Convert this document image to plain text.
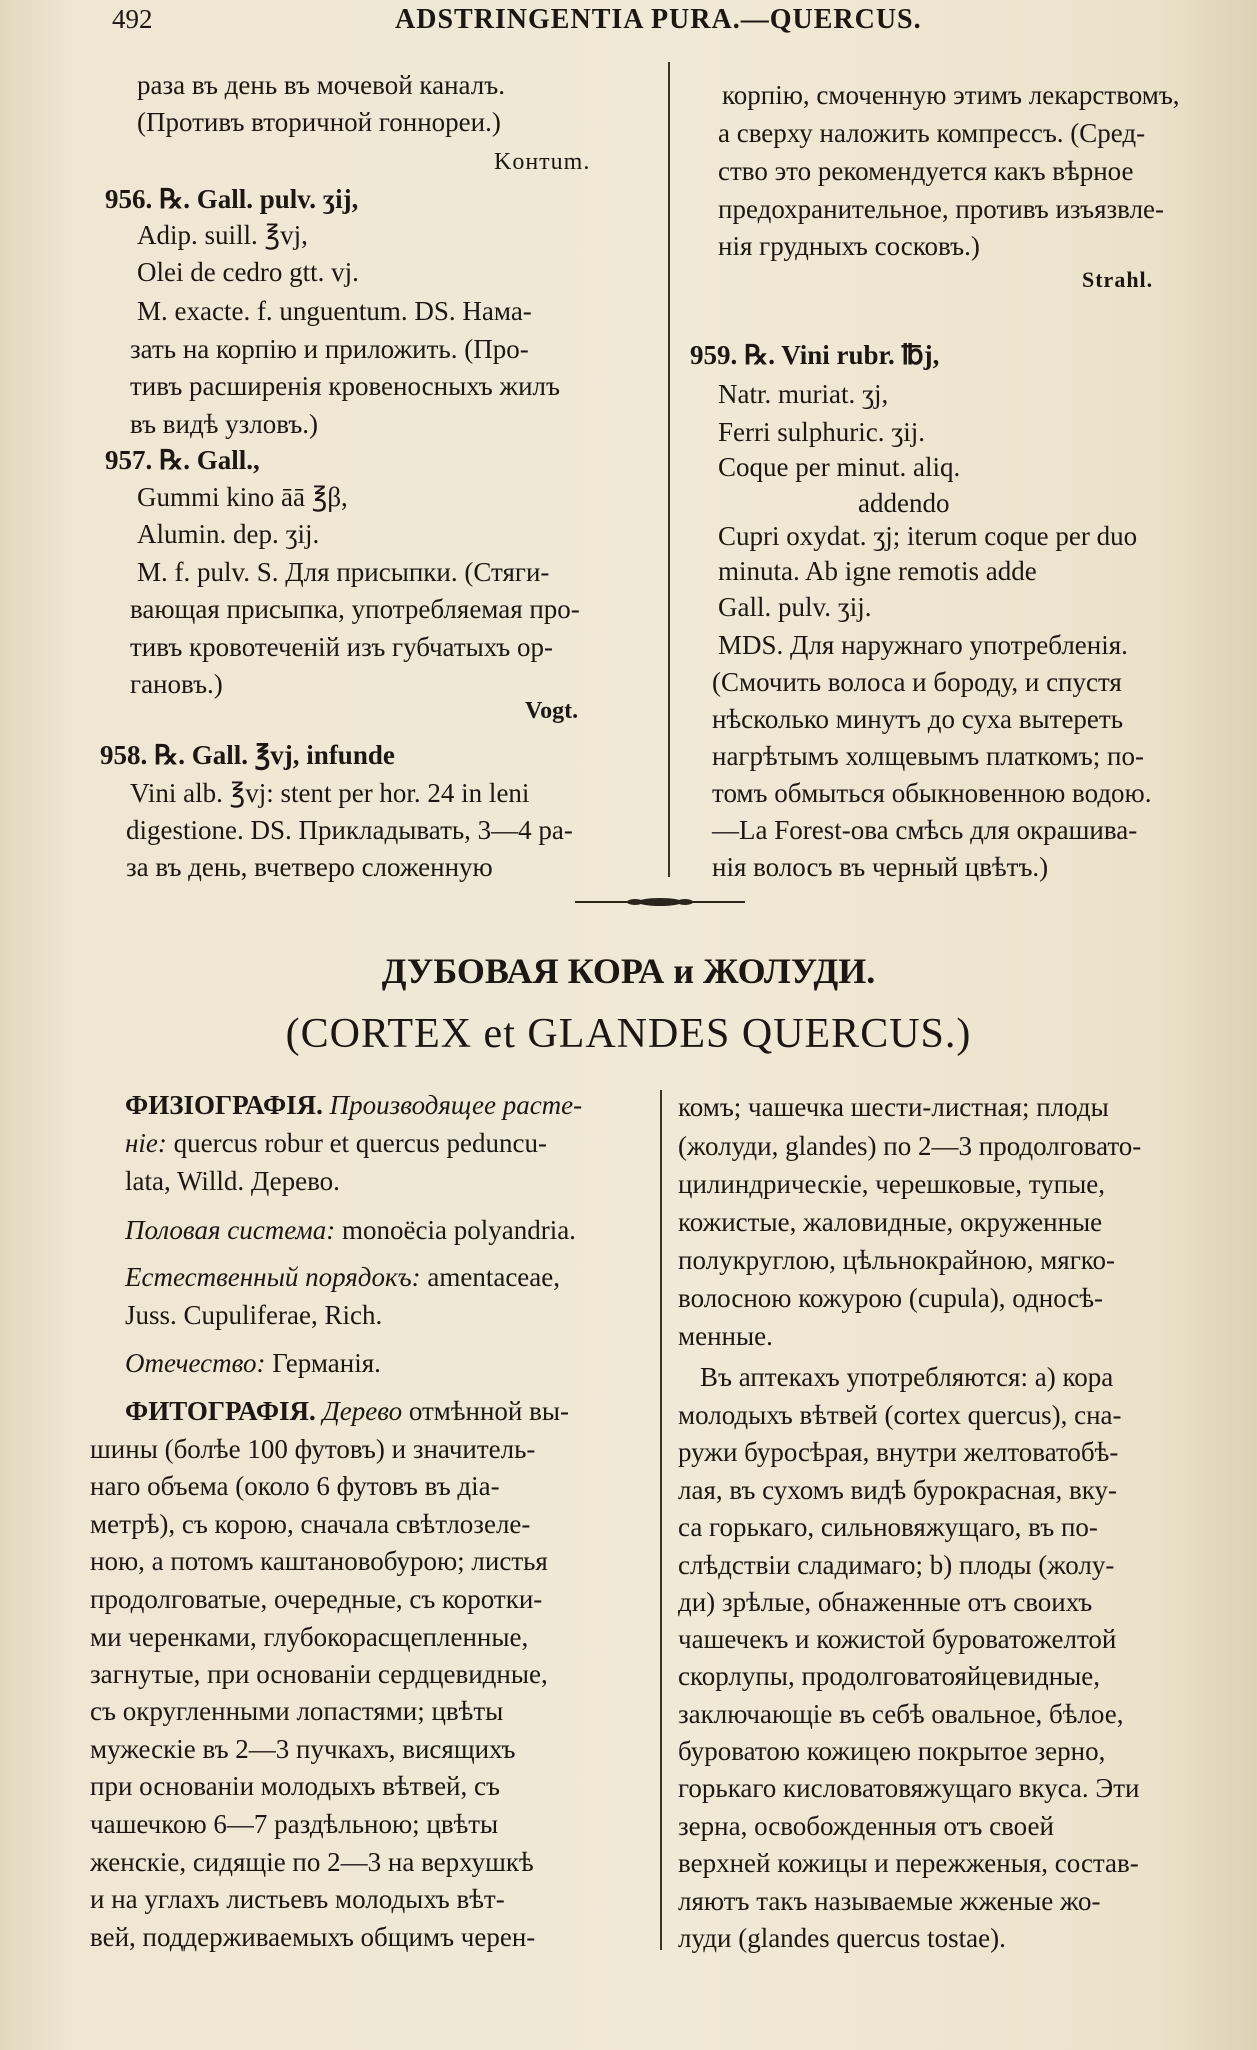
492	ADSTRINGENTIA PURA.—QUERCUS.
раза въ день въ мочевой каналъ.
(Противъ вторичной гоннореи.)
Koнтum.
956. ℞. Gall. pulv. ʒij,
Adip. suill. ℥vj,
Olei de cedro gtt. vj.
M. exacte. f. unguentum. DS. Нама-
зать на корпію и приложить. (Про-
тивъ расширенія кровеносныхъ жилъ
въ видѣ узловъ.)
957. ℞. Gall.,
Gummi kino āā ℥β,
Alumin. dep. ʒij.
M. f. pulv. S. Для присыпки. (Стяги-
вающая присыпка, употребляемая про-
тивъ кровотеченій изъ губчатыхъ ор-
гановъ.)
Vogt.
958. ℞. Gall. ℥vj, infunde
Vini alb. ℥vj: stent per hor. 24 in leni
digestione. DS. Прикладывать, 3—4 ра-
за въ день, вчетверо сложенную
корпію, смоченную этимъ лекарствомъ,
а сверху наложить компрессъ. (Сред-
ство это рекомендуется какъ вѣрное
предохранительное, противъ изъязвле-
нія грудныхъ сосковъ.)
Strahl.
959. ℞. Vini rubr. ℔j,
Natr. muriat. ʒj,
Ferri sulphuric. ʒij.
Coque per minut. aliq.
addendo
Cupri oxydat. ʒj; iterum coque per duo
minuta. Ab igne remotis adde
Gall. pulv. ʒij.
MDS. Для наружнаго употребленія.
(Смочить волоса и бороду, и спустя
нѣсколько минутъ до суха вытереть
нагрѣтымъ холщевымъ платкомъ; по-
томъ обмыться обыкновенною водою.
—La Forest-ова смѣсь для окрашива-
нія волосъ въ черный цвѣтъ.)
ДУБОВАЯ КОРА и ЖОЛУДИ.
(CORTEX et GLANDES QUERCUS.)
ФИЗІОГРАФІЯ. Производящее расте-
ніе: quercus robur et quercus pedunсu-
lata, Willd. Дерево.
Половая система: monoёcia polyandria.
Естественный порядокъ: amentaceae,
Juss. Cupuliferae, Rich.
Отечество: Германія.
ФИТОГРАФІЯ. Дерево отмѣнной вы-
шины (болѣе 100 футовъ) и значитель-
наго объема (около 6 футовъ въ діа-
метрѣ), съ корою, сначала свѣтлозеле-
ною, а потомъ каштановобурою; листья
продолговатые, очередные, съ коротки-
ми черенками, глубокорасщепленные,
загнутые, при основаніи сердцевидные,
съ округленными лопастями; цвѣты
мужескіе въ 2—3 пучкахъ, висящихъ
при основаніи молодыхъ вѣтвей, съ
чашечкою 6—7 раздѣльною; цвѣты
женскіе, сидящіе по 2—3 на верхушкѣ
и на углахъ листьевъ молодыхъ вѣт-
вей, поддерживаемыхъ общимъ черен-
комъ; чашечка шести-листная; плоды
(жолуди, glandes) по 2—3 продолговато-
цилиндрическіе, черешковые, тупые,
кожистые, жаловидные, окруженные
полукруглою, цѣльнокрайною, мягко-
волосною кожурою (cupula), односѣ-
менные.
Въ аптекахъ употребляются: a) кора
молодыхъ вѣтвей (cortex quercus), сна-
ружи буросѣрая, внутри желтоватобѣ-
лая, въ сухомъ видѣ бурокрасная, вку-
са горькаго, сильновяжущаго, въ по-
слѣдствіи сладимаго; b) плоды (жолу-
ди) зрѣлые, обнаженные отъ своихъ
чашечекъ и кожистой буроватожелтой
скорлупы, продолговатояйцевидные,
заключающіе въ себѣ овальное, бѣлое,
буроватою кожицею покрытое зерно,
горькаго кисловатовяжущаго вкуса. Эти
зерна, освобожденныя отъ своей
верхней кожицы и пережженыя, состав-
ляютъ такъ называемые жженые жо-
луди (glandes quercus tostae).
